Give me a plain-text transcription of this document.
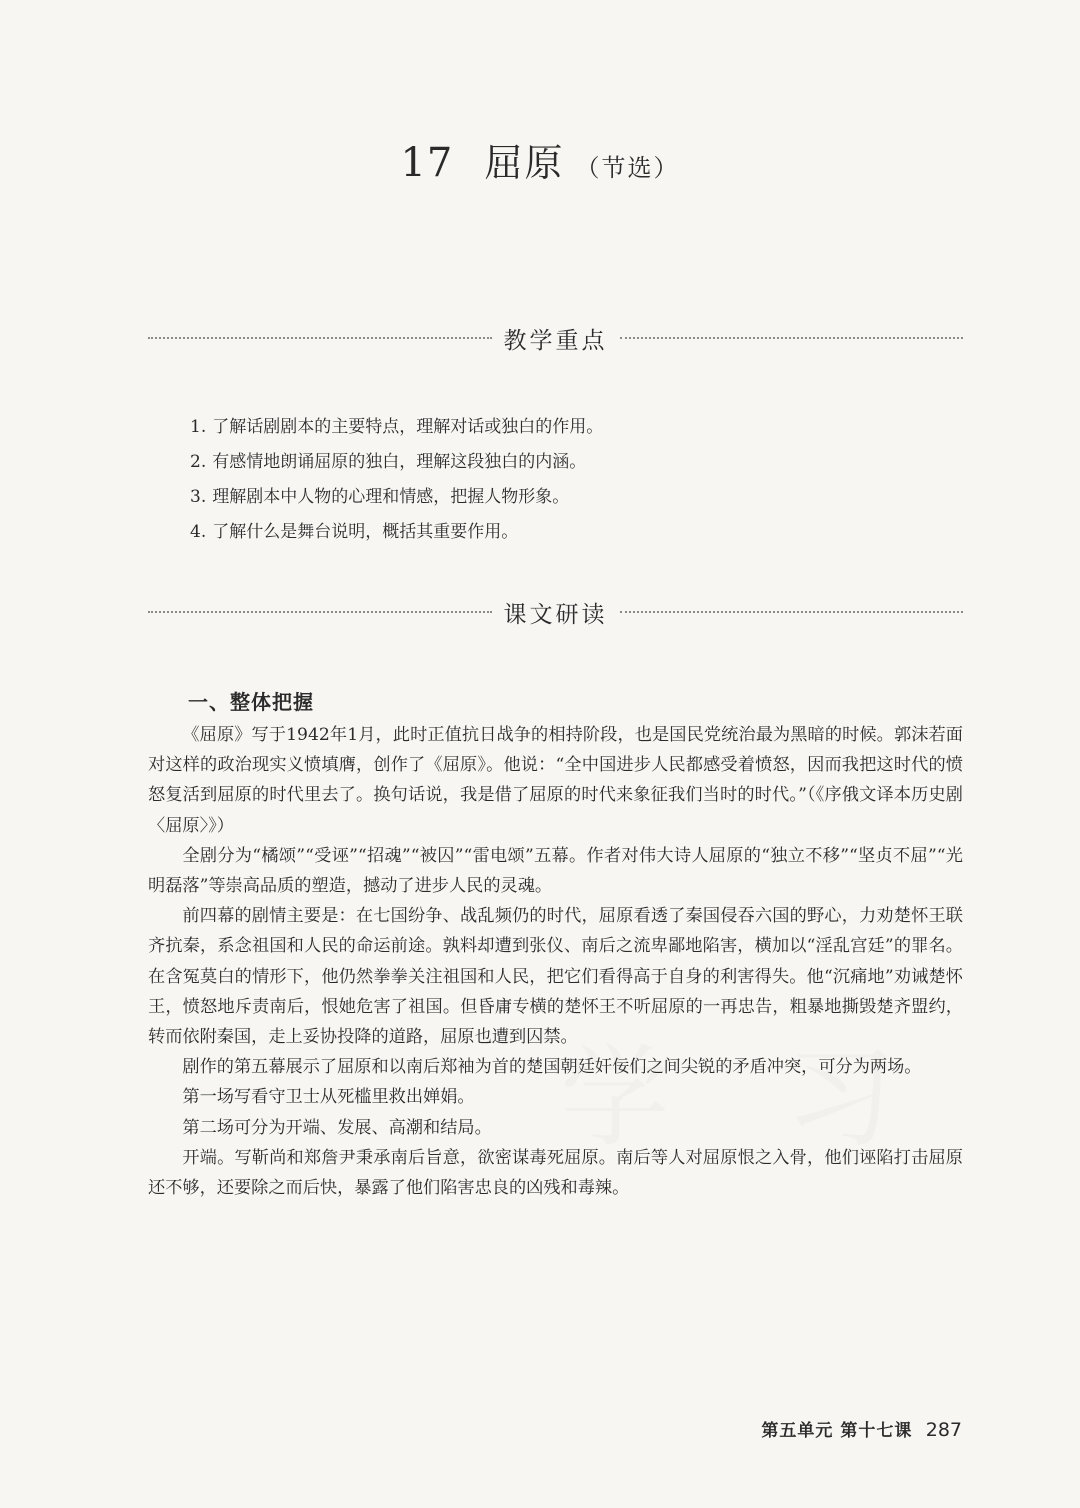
17 屈原 （节选）
教学重点
1. 了解话剧剧本的主要特点，理解对话或独白的作用。
2. 有感情地朗诵屈原的独白，理解这段独白的内涵。
3. 理解剧本中人物的心理和情感，把握人物形象。
4. 了解什么是舞台说明，概括其重要作用。
课文研读
一、整体把握

《屈原》写于1942年1月，此时正值抗日战争的相持阶段，也是国民党统治最为黑暗的时候。郭沫若面对这样的政治现实义愤填膺，创作了《屈原》。他说：“全中国进步人民都感受着愤怒，因而我把这时代的愤怒复活到屈原的时代里去了。换句话说，我是借了屈原的时代来象征我们当时的时代。”（《序俄文译本历史剧〈屈原〉》）

全剧分为“橘颂”“受诬”“招魂”“被囚”“雷电颂”五幕。作者对伟大诗人屈原的“独立不移”“坚贞不屈”“光明磊落”等崇高品质的塑造，撼动了进步人民的灵魂。

前四幕的剧情主要是：在七国纷争、战乱频仍的时代，屈原看透了秦国侵吞六国的野心，力劝楚怀王联齐抗秦，系念祖国和人民的命运前途。孰料却遭到张仪、南后之流卑鄙地陷害，横加以“淫乱宫廷”的罪名。在含冤莫白的情形下，他仍然拳拳关注祖国和人民，把它们看得高于自身的利害得失。他“沉痛地”劝诫楚怀王，愤怒地斥责南后，恨她危害了祖国。但昏庸专横的楚怀王不听屈原的一再忠告，粗暴地撕毁楚齐盟约，转而依附秦国，走上妥协投降的道路，屈原也遭到囚禁。

剧作的第五幕展示了屈原和以南后郑袖为首的楚国朝廷奸佞们之间尖锐的矛盾冲突，可分为两场。

第一场写看守卫士从死槛里救出婵娟。

第二场可分为开端、发展、高潮和结局。

开端。写靳尚和郑詹尹秉承南后旨意，欲密谋毒死屈原。南后等人对屈原恨之入骨，他们诬陷打击屈原还不够，还要除之而后快，暴露了他们陷害忠良的凶残和毒辣。

第五单元 第十七课 287
